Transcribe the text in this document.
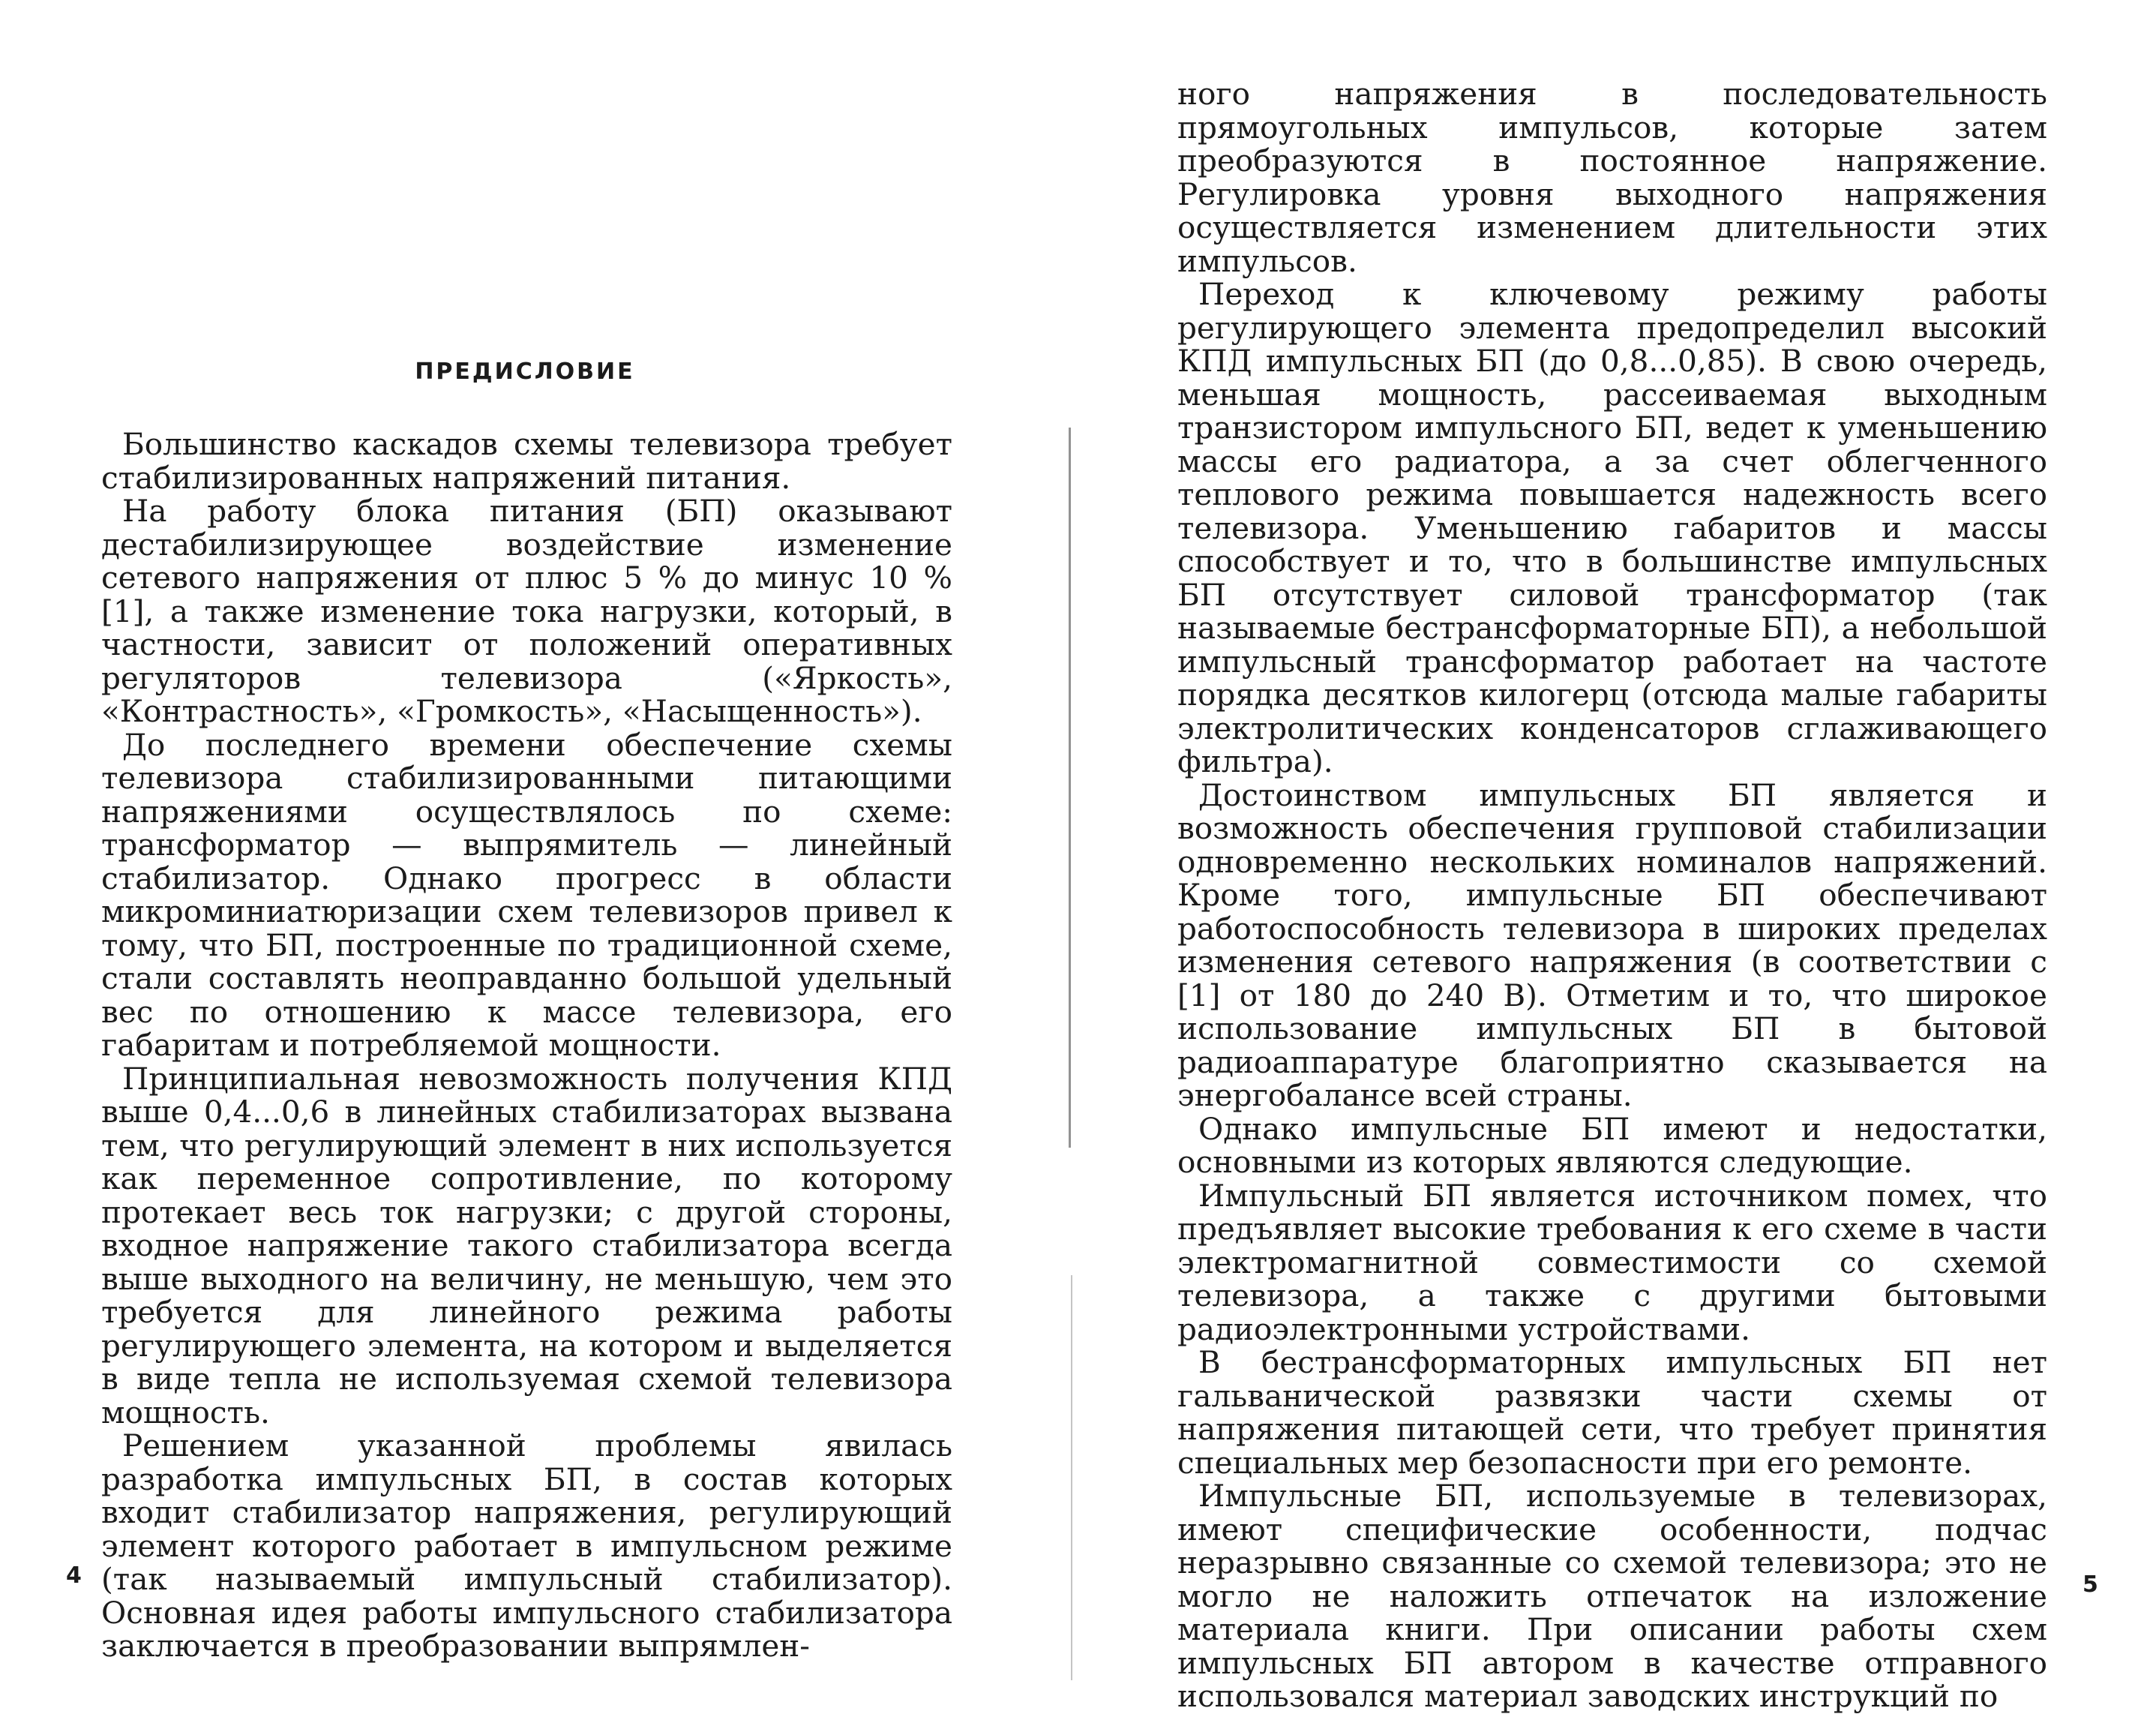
ПРЕДИСЛОВИЕ

Большинство каскадов схемы телевизора требует стабилизированных напряжений питания.

На работу блока питания (БП) оказывают дестабилизирующее воздействие изменение сетевого напряжения от плюс 5 % до минус 10 % [1], а также изменение тока нагрузки, который, в частности, зависит от положений оперативных регуляторов телевизора («Яркость», «Контрастность», «Громкость», «Насыщенность»).

До последнего времени обеспечение схемы телевизора стабилизированными питающими напряжениями осуществлялось по схеме: трансформатор — выпрямитель — линейный стабилизатор. Однако прогресс в области микроминиатюризации схем телевизоров привел к тому, что БП, построенные по традиционной схеме, стали составлять неоправданно большой удельный вес по отношению к массе телевизора, его габаритам и потребляемой мощности.

Принципиальная невозможность получения КПД выше 0,4...0,6 в линейных стабилизаторах вызвана тем, что регулирующий элемент в них используется как переменное сопротивление, по которому протекает весь ток нагрузки; с другой стороны, входное напряжение такого стабилизатора всегда выше выходного на величину, не меньшую, чем это требуется для линейного режима работы регулирующего элемента, на котором и выделяется в виде тепла не используемая схемой телевизора мощность.

Решением указанной проблемы явилась разработка импульсных БП, в состав которых входит стабилизатор напряжения, регулирующий элемент которого работает в импульсном режиме (так называемый импульсный стабилизатор). Основная идея работы импульсного стабилизатора заключается в преобразовании выпрямлен-

4

ного напряжения в последовательность прямоугольных импульсов, которые затем преобразуются в постоянное напряжение. Регулировка уровня выходного напряжения осуществляется изменением длительности этих импульсов.

Переход к ключевому режиму работы регулирующего элемента предопределил высокий КПД импульсных БП (до 0,8...0,85). В свою очередь, меньшая мощность, рассеиваемая выходным транзистором импульсного БП, ведет к уменьшению массы его радиатора, а за счет облегченного теплового режима повышается надежность всего телевизора. Уменьшению габаритов и массы способствует и то, что в большинстве импульсных БП отсутствует силовой трансформатор (так называемые бестрансформаторные БП), а небольшой импульсный трансформатор работает на частоте порядка десятков килогерц (отсюда малые габариты электролитических конденсаторов сглаживающего фильтра).

Достоинством импульсных БП является и возможность обеспечения групповой стабилизации одновременно нескольких номиналов напряжений. Кроме того, импульсные БП обеспечивают работоспособность телевизора в широких пределах изменения сетевого напряжения (в соответствии с [1] от 180 до 240 В). Отметим и то, что широкое использование импульсных БП в бытовой радиоаппаратуре благоприятно сказывается на энергобалансе всей страны.

Однако импульсные БП имеют и недостатки, основными из которых являются следующие.

Импульсный БП является источником помех, что предъявляет высокие требования к его схеме в части электромагнитной совместимости со схемой телевизора, а также с другими бытовыми радиоэлектронными устройствами.

В бестрансформаторных импульсных БП нет гальванической развязки части схемы от напряжения питающей сети, что требует принятия специальных мер безопасности при его ремонте.

Импульсные БП, используемые в телевизорах, имеют специфические особенности, подчас неразрывно связанные со схемой телевизора; это не могло не наложить отпечаток на изложение материала книги. При описании работы схем импульсных БП автором в качестве отправного использовался материал заводских инструкций по

5
